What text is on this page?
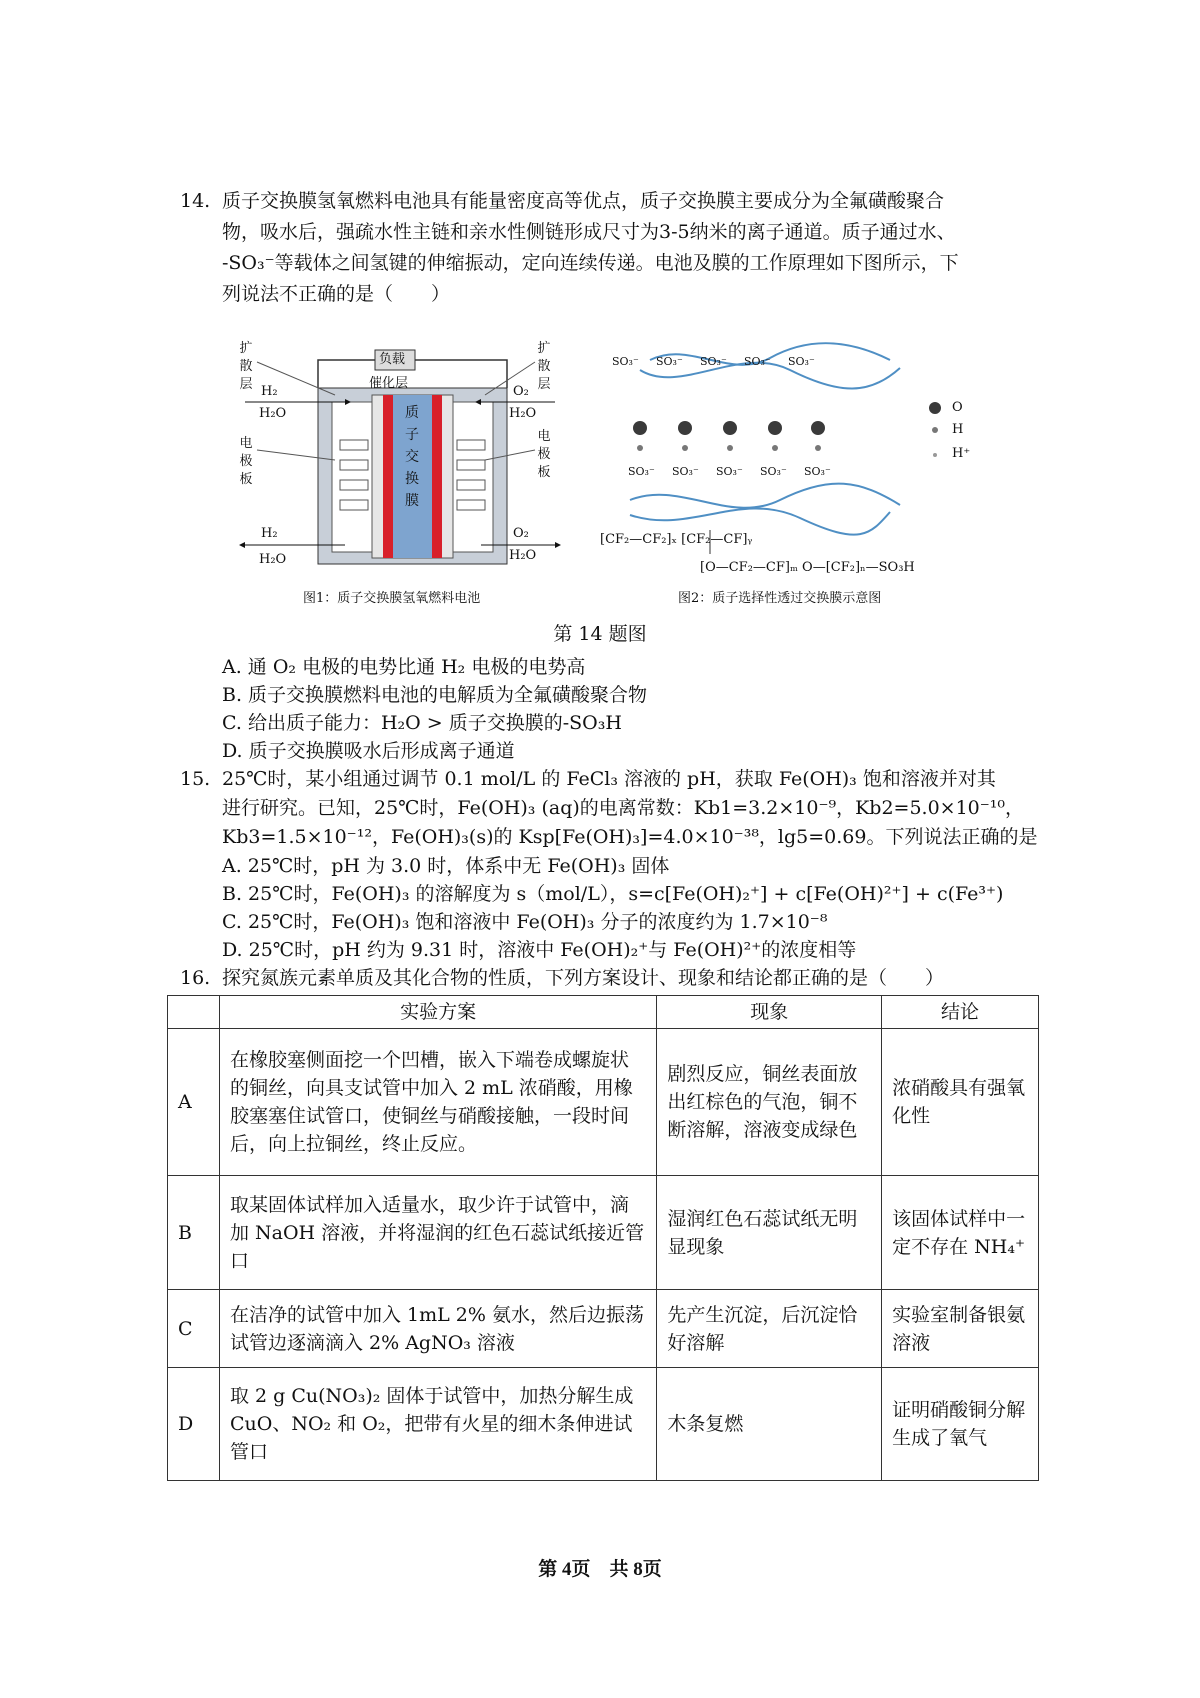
14. 质子交换膜氢氧燃料电池具有能量密度高等优点，质子交换膜主要成分为全氟磺酸聚合
物，吸水后，强疏水性主链和亲水性侧链形成尺寸为3-5纳米的离子通道。质子通过水、
-SO₃⁻等载体之间氢键的伸缩振动，定向连续传递。电池及膜的工作原理如下图所示，下
列说法不正确的是（　　）
负载
催化层
扩散层
扩散层
电极板
电极板
质子交换膜
H₂
H₂O
O₂
H₂O
H₂
H₂O
O₂
H₂O
图1：质子交换膜氢氧燃料电池
SO₃⁻ SO₃⁻ SO₃⁻ SO₃⁻ SO₃⁻
SO₃⁻ SO₃⁻ SO₃⁻ SO₃⁻ SO₃⁻
O
H
H⁺
[CF₂—CF₂]ₓ [CF₂—CF]ᵧ
[O—CF₂—CF]ₘ O—[CF₂]ₙ—SO₃H
图2：质子选择性透过交换膜示意图
第 14 题图
A. 通 O₂ 电极的电势比通 H₂ 电极的电势高
B. 质子交换膜燃料电池的电解质为全氟磺酸聚合物
C. 给出质子能力：H₂O > 质子交换膜的-SO₃H
D. 质子交换膜吸水后形成离子通道
15. 25℃时，某小组通过调节 0.1 mol/L 的 FeCl₃ 溶液的 pH，获取 Fe(OH)₃ 饱和溶液并对其
进行研究。已知，25℃时，Fe(OH)₃ (aq)的电离常数：Kb1=3.2×10⁻⁹，Kb2=5.0×10⁻¹⁰，
Kb3=1.5×10⁻¹²，Fe(OH)₃(s)的 Ksp[Fe(OH)₃]=4.0×10⁻³⁸，lg5=0.69。下列说法正确的是
A. 25℃时，pH 为 3.0 时，体系中无 Fe(OH)₃ 固体
B. 25℃时，Fe(OH)₃ 的溶解度为 s（mol/L），s=c[Fe(OH)₂⁺] + c[Fe(OH)²⁺] + c(Fe³⁺)
C. 25℃时，Fe(OH)₃ 饱和溶液中 Fe(OH)₃ 分子的浓度约为 1.7×10⁻⁸
D. 25℃时，pH 约为 9.31 时，溶液中 Fe(OH)₂⁺与 Fe(OH)²⁺的浓度相等
16. 探究氮族元素单质及其化合物的性质，下列方案设计、现象和结论都正确的是（　　）
	实验方案	现象	结论
A	在橡胶塞侧面挖一个凹槽，嵌入下端卷成螺旋状的铜丝，向具支试管中加入 2 mL 浓硝酸，用橡胶塞塞住试管口，使铜丝与硝酸接触，一段时间后，向上拉铜丝，终止反应。	剧烈反应，铜丝表面放出红棕色的气泡，铜不断溶解，溶液变成绿色	浓硝酸具有强氧化性
B	取某固体试样加入适量水，取少许于试管中，滴加 NaOH 溶液，并将湿润的红色石蕊试纸接近管口	湿润红色石蕊试纸无明显现象	该固体试样中一定不存在 NH₄⁺
C	在洁净的试管中加入 1mL 2% 氨水，然后边振荡试管边逐滴滴入 2% AgNO₃ 溶液	先产生沉淀，后沉淀恰好溶解	实验室制备银氨溶液
D	取 2 g Cu(NO₃)₂ 固体于试管中，加热分解生成 CuO、NO₂ 和 O₂，把带有火星的细木条伸进试管口	木条复燃	证明硝酸铜分解生成了氧气
第 4页　共 8页
